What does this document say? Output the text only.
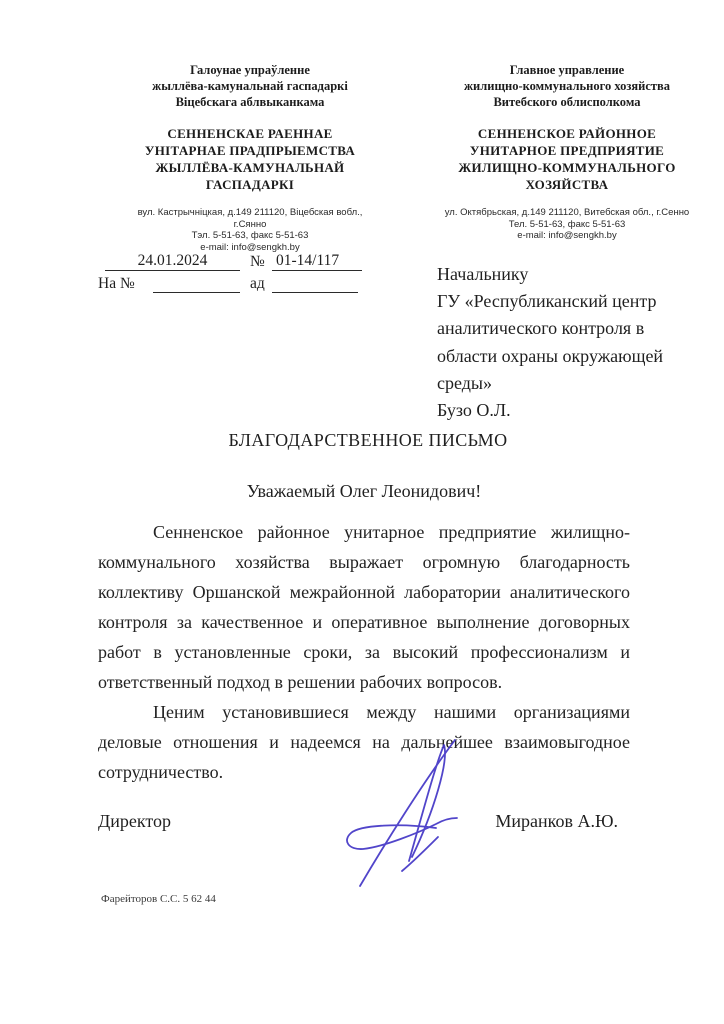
Галоунае упраўленне
жыллёва-камунальнай гаспадаркі
Віцебскага аблвыканкама
СЕННЕНСКАЕ РАЕННАЕ
УНІТАРНАЕ ПРАДПРЫЕМСТВА
ЖЫЛЛЁВА-КАМУНАЛЬНАЙ
ГАСПАДАРКІ
вул. Кастрычніцкая, д.149 211120, Віцебская вобл.,
г.Сянно
Тэл. 5-51-63, факс 5-51-63
e-mail: info@sengkh.by
Главное управление
жилищно-коммунального хозяйства
Витебского облисполкома
СЕННЕНСКОЕ РАЙОННОЕ
УНИТАРНОЕ ПРЕДПРИЯТИЕ
ЖИЛИЩНО-КОММУНАЛЬНОГО
ХОЗЯЙСТВА
ул. Октябрьская, д.149 211120, Витебская обл., г.Сенно
Тел. 5-51-63, факс 5-51-63
e-mail: info@sengkh.by
24.01.2024	№ 01-14/117
На №	ад	Начальнику
ГУ «Республиканский центр
аналитического контроля в
области охраны окружающей
среды»
Бузо О.Л.
БЛАГОДАРСТВЕННОЕ ПИСЬМО
Уважаемый Олег Леонидович!

Сенненское районное унитарное предприятие жилищно-коммунального хозяйства выражает огромную благодарность коллективу Оршанской межрайонной лаборатории аналитического контроля за качественное и оперативное выполнение договорных работ в установленные сроки, за высокий профессионализм и ответственный подход в решении рабочих вопросов.

Ценим установившиеся между нашими организациями деловые отношения и надеемся на дальнейшее взаимовыгодное сотрудничество.

Директор	Миранков А.Ю.
Фарейторов С.С. 5 62 44
